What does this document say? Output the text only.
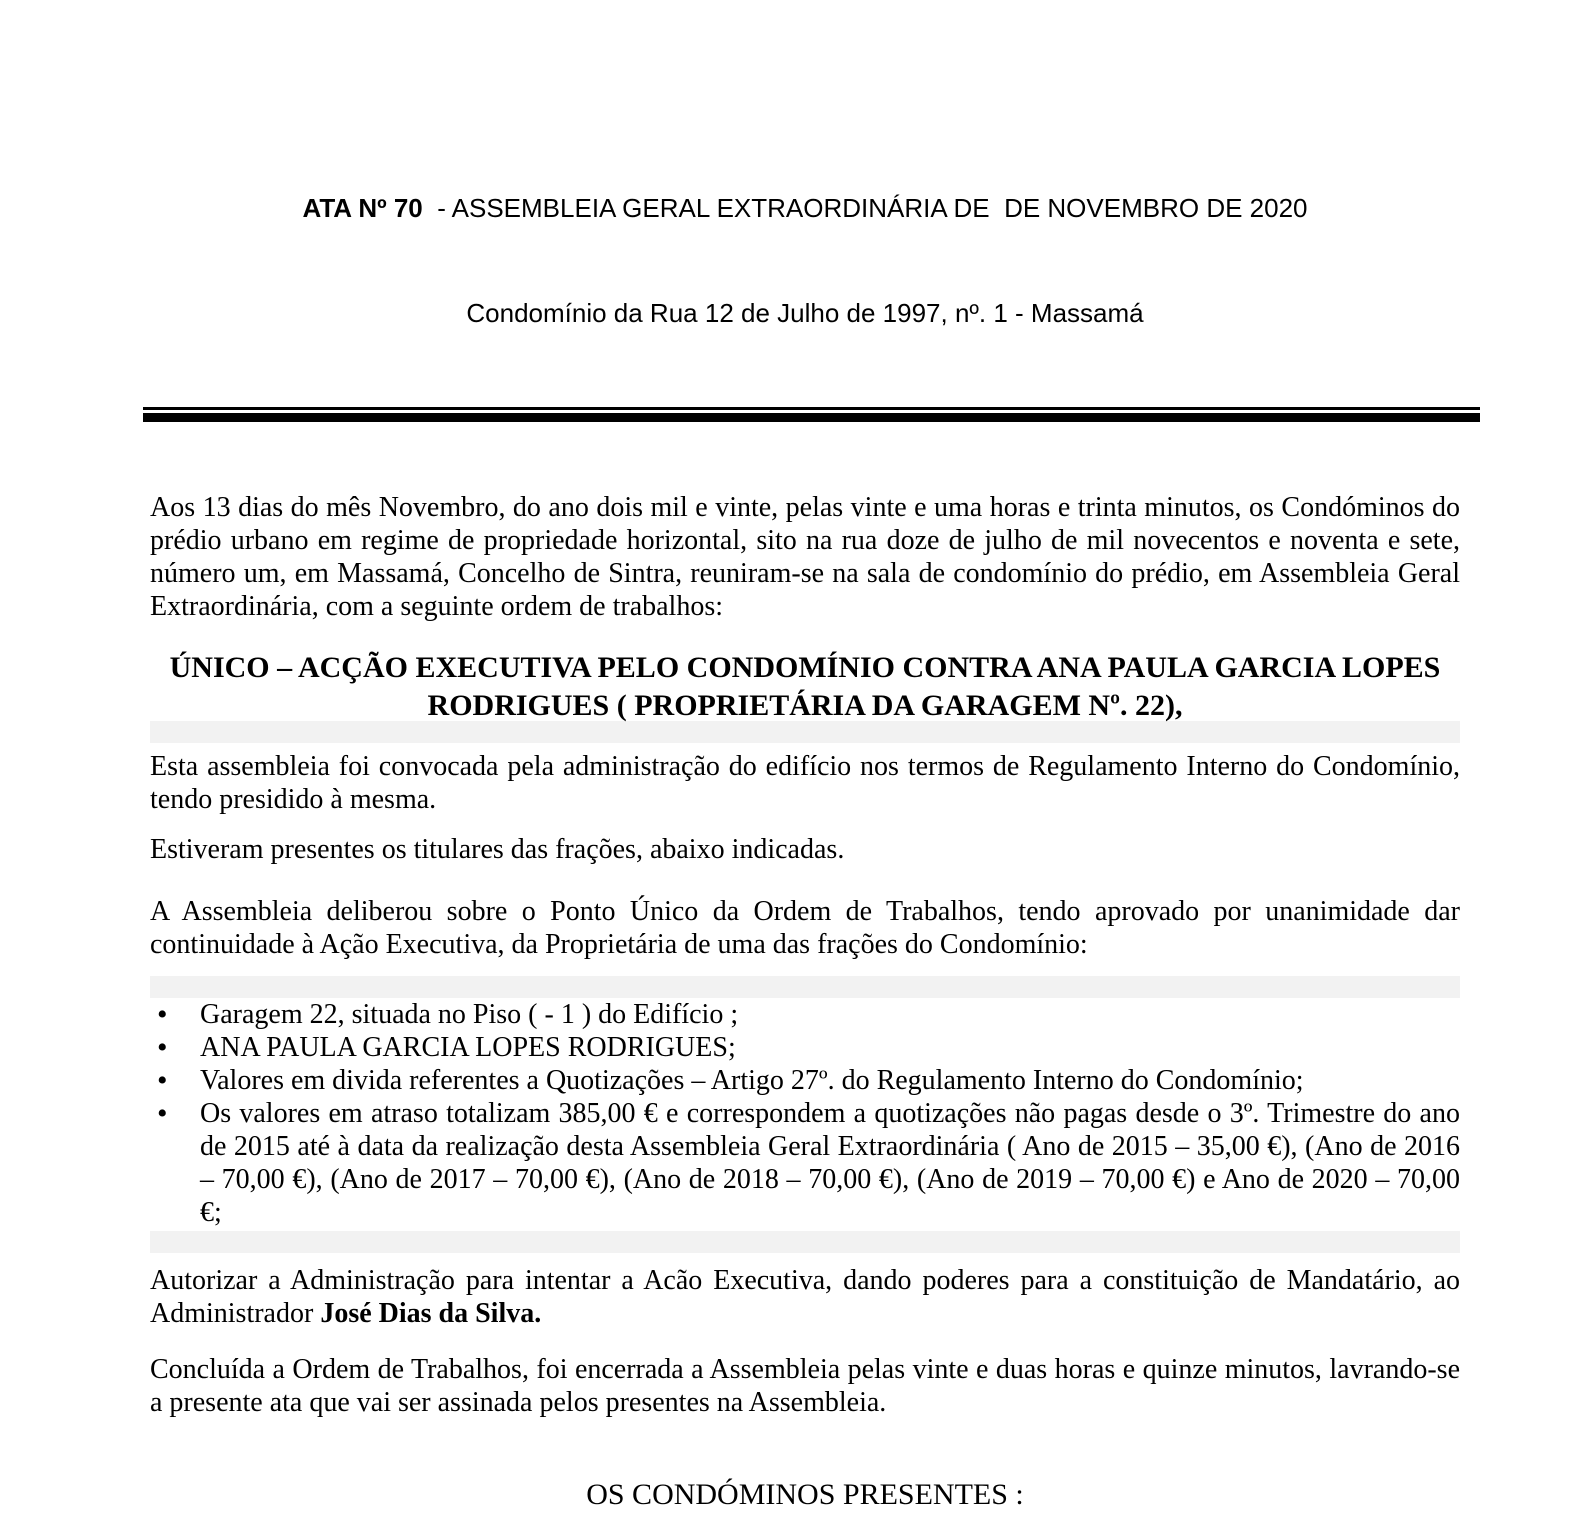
ATA Nº 70  - ASSEMBLEIA GERAL EXTRAORDINÁRIA DE  DE NOVEMBRO DE 2020

Condomínio da Rua 12 de Julho de 1997, nº. 1 - Massamá

Aos 13 dias do mês Novembro, do ano dois mil e vinte, pelas vinte e uma horas e trinta minutos, os Condóminos do prédio urbano em regime de propriedade horizontal, sito na rua doze de julho de mil novecentos e noventa e sete, número um, em Massamá, Concelho de Sintra, reuniram-se na sala de condomínio do prédio, em Assembleia Geral Extraordinária, com a seguinte ordem de trabalhos:

ÚNICO – ACÇÃO EXECUTIVA PELO CONDOMÍNIO CONTRA ANA PAULA GARCIA LOPES RODRIGUES ( PROPRIETÁRIA DA GARAGEM Nº. 22),

Esta assembleia foi convocada pela administração do edifício nos termos de Regulamento Interno do Condomínio, tendo presidido à mesma.

Estiveram presentes os titulares das frações, abaixo indicadas.

A Assembleia deliberou sobre o Ponto Único da Ordem de Trabalhos, tendo aprovado por unanimidade dar continuidade à Ação Executiva, da Proprietária de uma das frações do Condomínio:

•
Garagem 22, situada no Piso ( - 1 ) do Edifício ;
•
ANA PAULA GARCIA LOPES RODRIGUES;
•
Valores em divida referentes a Quotizações – Artigo 27º. do Regulamento Interno do Condomínio;
•
Os valores em atraso totalizam 385,00 € e correspondem a quotizações não pagas desde o 3º. Trimestre do ano de 2015 até à data da realização desta Assembleia Geral Extraordinária ( Ano de 2015 – 35,00 €), (Ano de 2016 – 70,00 €), (Ano de 2017 – 70,00 €), (Ano de 2018 – 70,00 €), (Ano de 2019 – 70,00 €) e Ano de 2020 – 70,00 €;

Autorizar a Administração para intentar a Acão Executiva, dando poderes para a constituição de Mandatário, ao Administrador José Dias da Silva.

Concluída a Ordem de Trabalhos, foi encerrada a Assembleia pelas vinte e duas horas e quinze minutos, lavrando-se a presente ata que vai ser assinada pelos presentes na Assembleia.

OS CONDÓMINOS PRESENTES :
